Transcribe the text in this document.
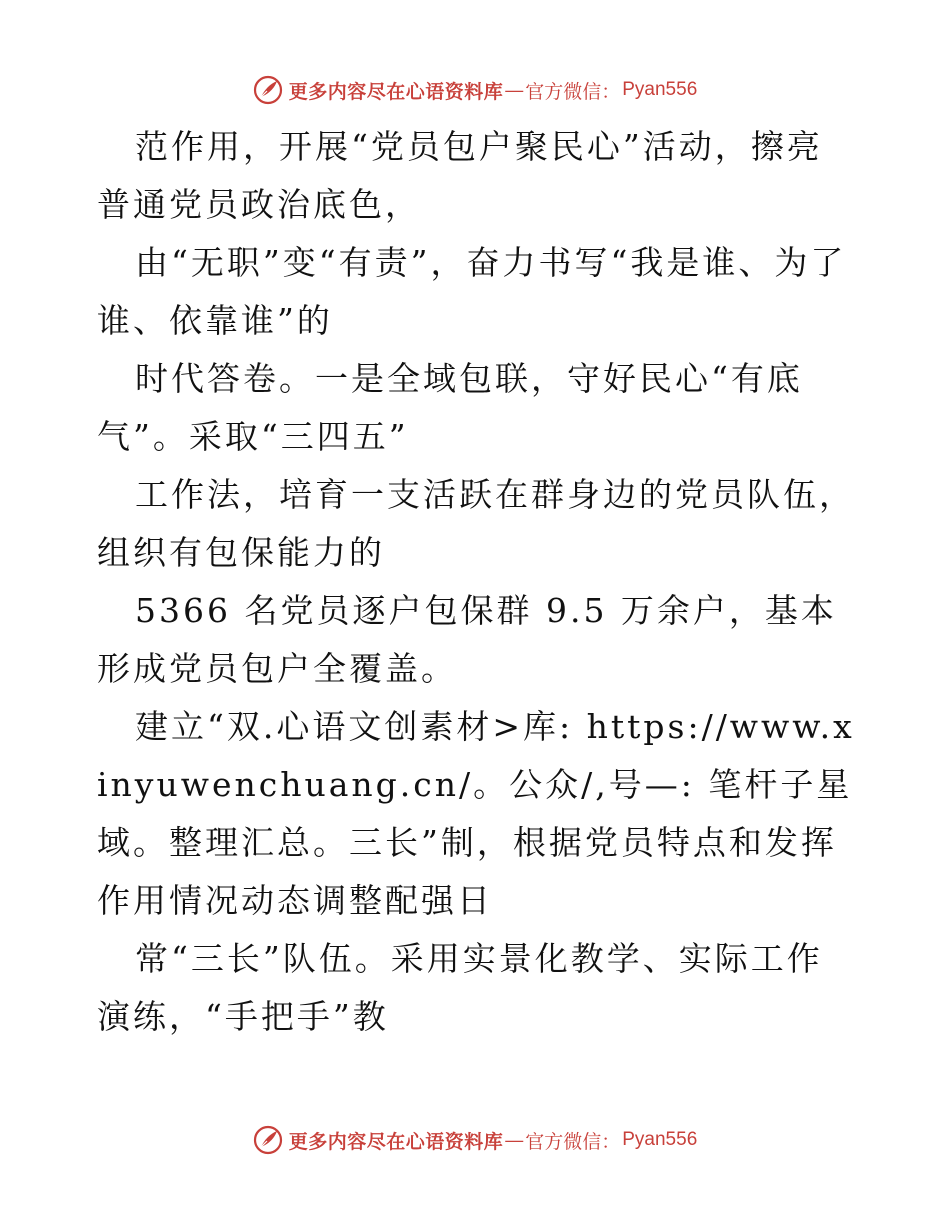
更多内容尽在心语资料库 — 官方微信： Pyan556

范作用，开展“党员包户聚民心”活动，擦亮普通党员政治底色，

由“无职”变“有责”，奋力书写“我是谁、为了谁、依靠谁”的

时代答卷。一是全域包联，守好民心“有底气”。采取“三四五”

工作法，培育一支活跃在群身边的党员队伍，组织有包保能力的

5366 名党员逐户包保群 9.5 万余户，基本形成党员包户全覆盖。

建立“双.心语文创素材>库: https://www.xinyuwenchuang.cn/。公众/,号—: 笔杆子星域。整理汇总。三长”制，根据党员特点和发挥作用情况动态调整配强日

常“三长”队伍。采用实景化教学、实际工作演练，“手把手”教

更多内容尽在心语资料库 — 官方微信： Pyan556
